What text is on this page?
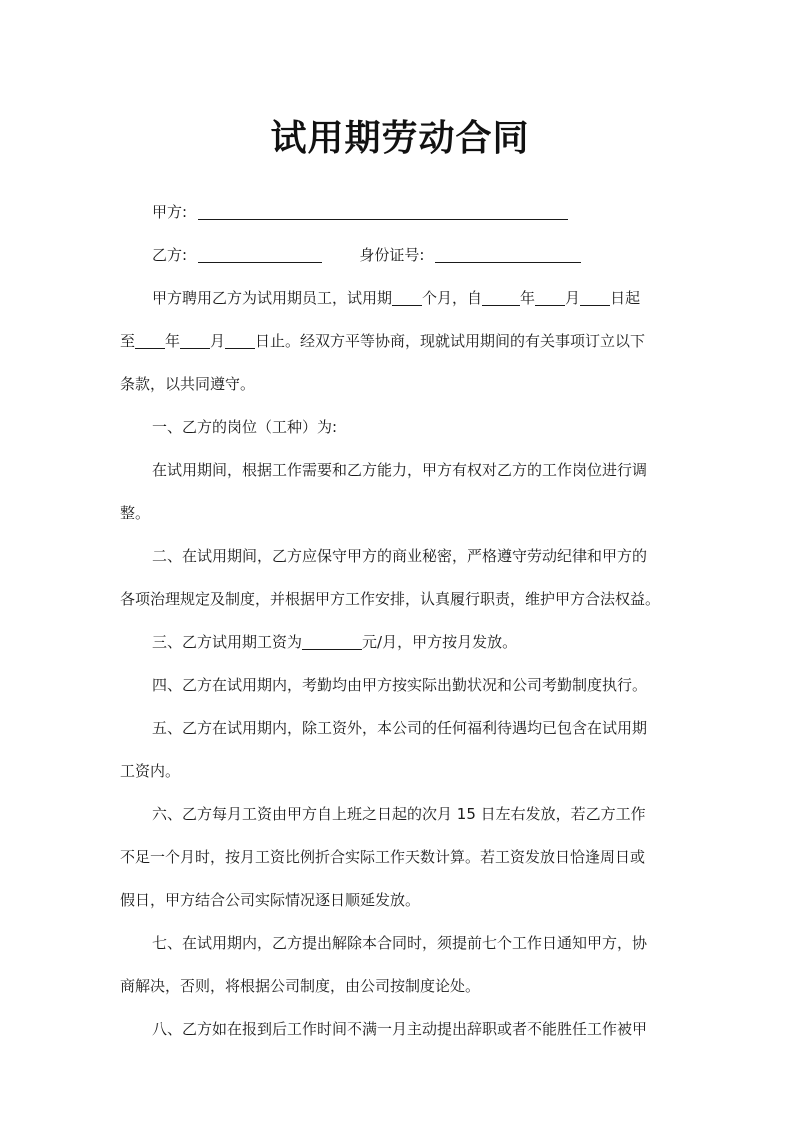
试用期劳动合同
甲方:
乙方:	身份证号:
甲方聘用乙方为试用期员工，试用期 个月，自	年 月 日起
至 年 月 日止。经双方平等协商，现就试用期间的有关事项订立以下
条款，以共同遵守。
一、乙方的岗位（工种）为:
在试用期间，根据工作需要和乙方能力，甲方有权对乙方的工作岗位进行调
整。
二、在试用期间，乙方应保守甲方的商业秘密，严格遵守劳动纪律和甲方的
各项治理规定及制度，并根据甲方工作安排，认真履行职责，维护甲方合法权益。
三、乙方试用期工资为	元/月，甲方按月发放。
四、乙方在试用期内，考勤均由甲方按实际出勤状况和公司考勤制度执行。
五、乙方在试用期内，除工资外，本公司的任何福利待遇均已包含在试用期
工资内。
六、乙方每月工资由甲方自上班之日起的次月 15 日左右发放，若乙方工作
不足一个月时，按月工资比例折合实际工作天数计算。若工资发放日恰逢周日或
假日，甲方结合公司实际情况逐日顺延发放。
七、在试用期内，乙方提出解除本合同时，须提前七个工作日通知甲方，协
商解决，否则，将根据公司制度，由公司按制度论处。
八、乙方如在报到后工作时间不满一月主动提出辞职或者不能胜任工作被甲
